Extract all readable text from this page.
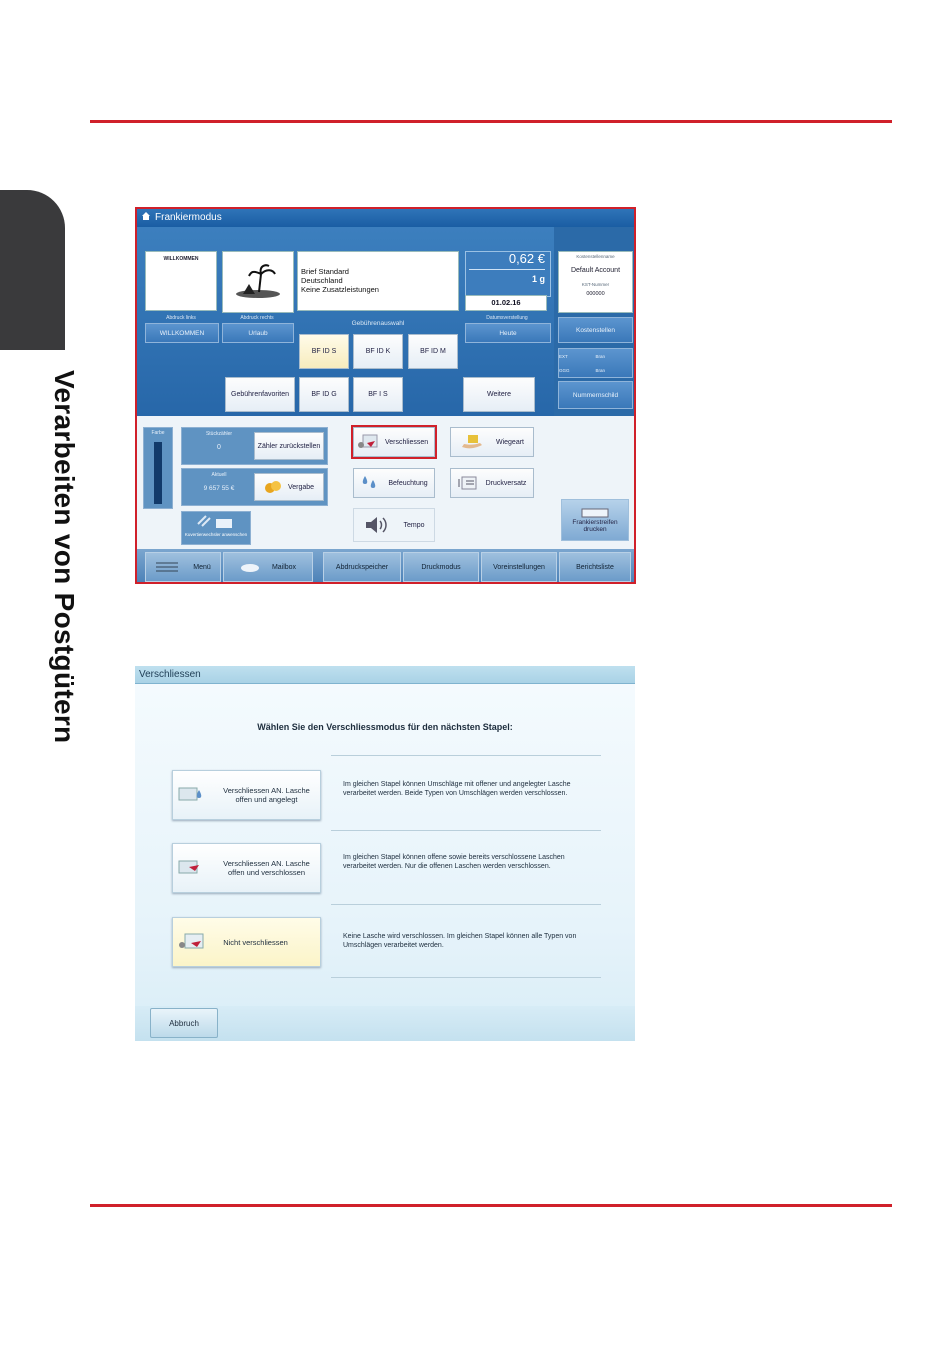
Verarbeiten von Postgütern
Frankiermodus
WILLKOMMEN
Brief Standard
Deutschland
Keine Zusatzleistungen
0,62 €
1 g
01.02.16
Kostenstellenname
Default Account
KST-Nummer
000000
Abdruck links	Abdruck rechts
Gebührenauswahl
Datumsverstellung
WILLKOMMEN	Urlaub	Heute	Kostenstellen
EXT	Bran
GGG	Bran
Nummernschild
BF ID S	BF ID K	BF ID M
Gebührenfavoriten	BF ID G	BF I S	Weitere
Farbe	Stückzähler
0	Zähler zurückstellen
Aktuell
9 657 55 €	Vergabe
Kuvertierwechsler anwenschen
Verschliessen	Wiegeart
Befeuchtung	Druckversatz
Tempo	Frankierstreifen drucken
Menü	Mailbox	Abdruckspeicher	Druckmodus	Voreinstellungen	Berichtsliste
Verschliessen
Wählen Sie den Verschliessmodus für den nächsten Stapel:
Verschliessen AN. Lasche offen und angelegt
Im gleichen Stapel können Umschläge mit offener und angelegter Lasche verarbeitet werden. Beide Typen von Umschlägen werden verschlossen.
Verschliessen AN. Lasche offen und verschlossen
Im gleichen Stapel können offene sowie bereits verschlossene Laschen verarbeitet werden. Nur die offenen Laschen werden verschlossen.
Nicht verschliessen
Keine Lasche wird verschlossen. Im gleichen Stapel können alle Typen von Umschlägen verarbeitet werden.
Abbruch
